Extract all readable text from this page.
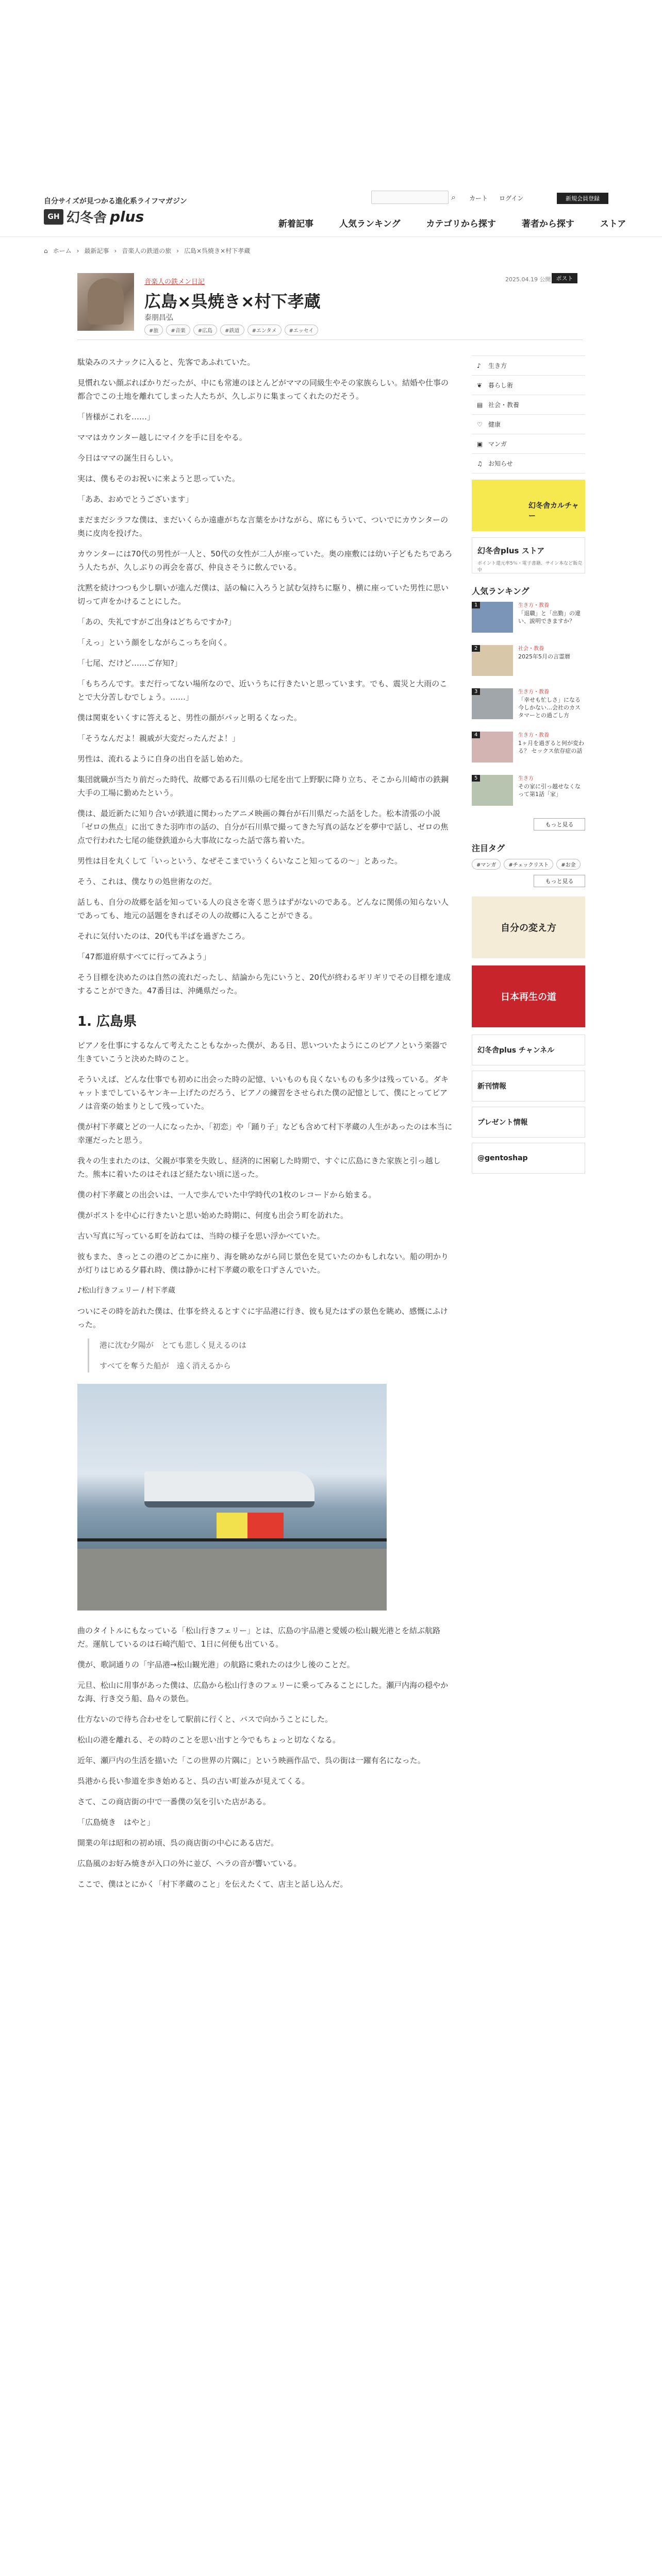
自分サイズが見つかる進化系ライフマガジン
GH 幻冬舎 plus
⌕ カート ログイン	新規会員登録
新着記事	人気ランキング	カテゴリから探す	著者から探す	ストア
⌂ ホーム › 最新記事 › 音楽人の鉄道の旅 › 広島×呉焼き×村下孝蔵
音楽人の鉄メン日記
広島×呉焼き×村下孝蔵
泰朋昌弘
#旅	#音楽	#広島	#鉄道	#エンタメ	#エッセイ
2025.04.19 公開 ポスト

駄染みのスナックに入ると、先客であふれていた。

見慣れない顔ぶればかりだったが、中にも常連のほとんどがママの同級生やその家族らしい。結婚や仕事の都合でこの土地を離れてしまった人たちが、久しぶりに集まってくれたのだそう。

「皆様がこれを……」

ママはカウンター越しにマイクを手に目をやる。

今日はママの誕生日らしい。

実は、僕もそのお祝いに来ようと思っていた。

「ああ、おめでとうございます」

まだまだシラフな僕は、まだいくらか遠慮がちな言葉をかけながら、席にもういて、ついでにカウンターの奥に皮肉を投げた。

カウンターには70代の男性が一人と、50代の女性が二人が座っていた。奥の座敷には幼い子どもたちであろう人たちが、久しぶりの再会を喜び、仲良さそうに飲んでいる。

沈黙を続けつつも少し馴いが進んだ僕は、話の輪に入ろうと試む気持ちに駆り、横に座っていた男性に思い切って声をかけることにした。

「あの、失礼ですがご出身はどちらですか?」

「えっ」という顔をしながらこっちを向く。

「七尾、だけど……ご存知?」

「もちろんです。まだ行ってない場所なので、近いうちに行きたいと思っています。でも、震災と大雨のことで大分苦しむでしょう。……」

僕は関東をいくすに答えると、男性の顔がパッと明るくなった。

「そうなんだよ！親戚が大変だったんだよ！」

男性は、流れるように自身の出自を話し始めた。

集団就職が当たり前だった時代、故郷である石川県の七尾を出て上野駅に降り立ち、そこから川崎市の鉄鋼大手の工場に勤めたという。

僕は、最近新たに知り合いが鉄道に関わったアニメ映画の舞台が石川県だった話をした。松本清張の小説「ゼロの焦点」に出てきた羽咋市の話の、自分が石川県で撮ってきた写真の話などを夢中で話し、ゼロの焦点で行われた七尾の能登鉄道から大事故になった話で落ち着いた。

男性は目を丸くして「いっという、なぜそこまでいうくらいなこと知ってるの〜」とあった。

そう、これは、僕なりの処世術なのだ。

話しも、自分の故郷を話を知っている人の良さを寄く思うはずがないのである。どんなに関係の知らない人であっても、地元の話題をきればその人の故郷に入ることができる。

それに気付いたのは、20代も半ばを過ぎたころ。

「47都道府県すべてに行ってみよう」

そう目標を決めたのは自然の流れだったし、結論から先にいうと、20代が終わるギリギリでその目標を達成することができた。47番目は、沖縄県だった。

1. 広島県

ピアノを仕事にするなんて考えたこともなかった僕が、ある日、思いついたようにこのピアノという楽器で生きていこうと決めた時のこと。

そういえば、どんな仕事でも初めに出会った時の記憶、いいものも良くないものも多少は残っている。ダキャットまでしているヤンキー上げたのだろう、ピアノの練習をさせられた僕の記憶として、僕にとってピアノは音楽の始まりとして残っていた。

僕が村下孝蔵とどの一人になったか、「初恋」や「踊り子」なども含めて村下孝蔵の人生があったのは本当に幸運だったと思う。

我々の生まれたのは、父親が事業を失敗し、経済的に困窮した時期で、すぐに広島にきた家族と引っ越した。熊本に着いたのはそれほど経たない頃に送った。

僕の村下孝蔵との出会いは、一人で歩んでいた中学時代の1枚のレコードから始まる。

僕がポストを中心に行きたいと思い始めた時期に、何度も出会う町を訪れた。

古い写真に写っている町を訪ねては、当時の様子を思い浮かべていた。

彼もまた、きっとこの港のどこかに座り、海を眺めながら同じ景色を見ていたのかもしれない。船の明かりが灯りはじめる夕暮れ時、僕は静かに村下孝蔵の歌を口ずさんでいた。

♪松山行きフェリー / 村下孝蔵

ついにその時を訪れた僕は、仕事を終えるとすぐに宇品港に行き、彼も見たはずの景色を眺め、感慨にふけった。

港に沈む夕陽が　とても悲しく見えるのは

すべてを奪うた船が　遠く消えるから

曲のタイトルにもなっている「松山行きフェリー」とは、広島の宇品港と愛媛の松山観光港とを結ぶ航路だ。運航しているのは石崎汽船で、1日に何便も出ている。

僕が、歌詞通りの「宇品港→松山観光港」の航路に乗れたのは少し後のことだ。

元旦、松山に用事があった僕は、広島から松山行きのフェリーに乗ってみることにした。瀬戸内海の穏やかな海、行き交う船、島々の景色。

仕方ないので待ち合わせをして駅前に行くと、バスで向かうことにした。

松山の港を離れる、その時のことを思い出すと今でもちょっと切なくなる。

近年、瀬戸内の生活を描いた「この世界の片隅に」という映画作品で、呉の街は一躍有名になった。

呉港から長い参道を歩き始めると、呉の古い町並みが見えてくる。

さて、この商店街の中で一番僕の気を引いた店がある。

「広島焼き　はやと」

開業の年は昭和の初め頃、呉の商店街の中心にある店だ。

広島風のお好み焼きが入口の外に並び、ヘラの音が響いている。

ここで、僕はとにかく「村下孝蔵のこと」を伝えたくて、店主と話し込んだ。

♪	生き方
❦ 暮らし術
▤ 社会・教養
♡ 健康
▣ マンガ
♫ お知らせ
幻冬舎カルチャー
幻冬舎plus ストア
ポイント還元率5％・電子書籍、サイン本など販売中
人気ランキング
1	生き方・教養
「退職」と「出勤」の違い、説明できますか？
2	社会・教養
2025年5月の言霊暦
3	生き方・教養
「幸せも忙しさ」になる今しかない…会社のカスタマーとの過ごし方
4	生き方・教養
1ヶ月を過ぎると何が変わる？ セックス依存症の話
5	生き方
その家に引っ越せなくなって第1話「家」
もっと見る
注目タグ
#マンガ	#チェックリスト	#お金
もっと見る
自分の変え方
日本再生の道
幻冬舎plus チャンネル
新刊情報
プレゼント情報
@gentoshap
